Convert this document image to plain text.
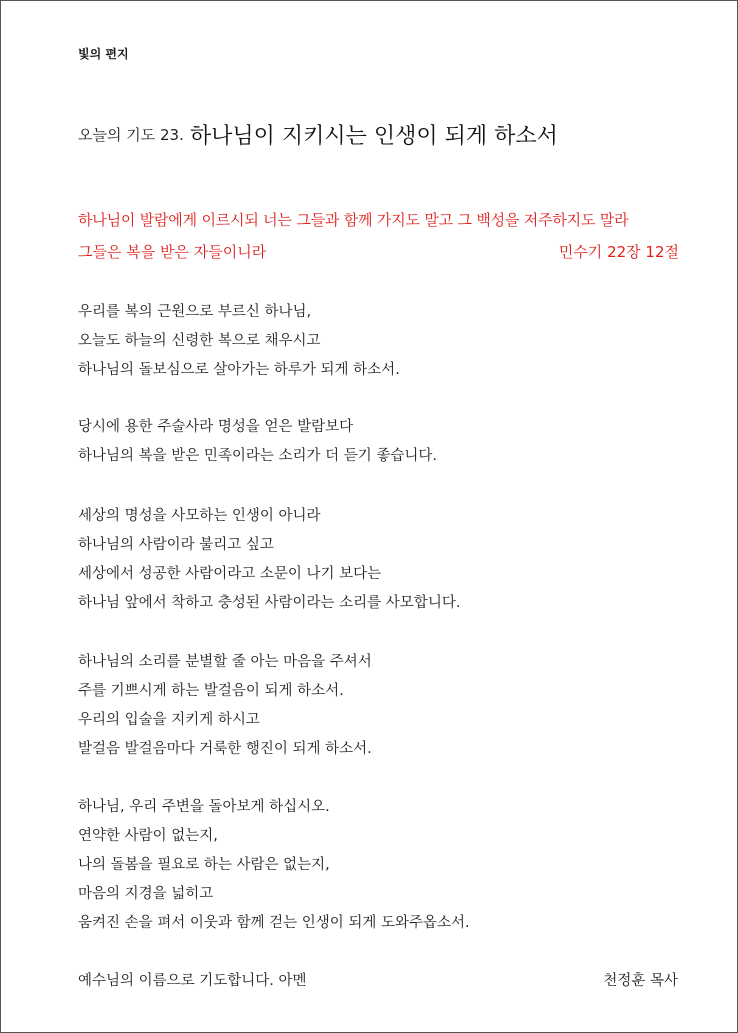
빛의 편지
오늘의 기도 23. 하나님이 지키시는 인생이 되게 하소서
하나님이 발람에게 이르시되 너는 그들과 함께 가지도 말고 그 백성을 저주하지도 말라
그들은 복을 받은 자들이니라	민수기 22장 12절
우리를 복의 근원으로 부르신 하나님,
오늘도 하늘의 신령한 복으로 채우시고
하나님의 돌보심으로 살아가는 하루가 되게 하소서.
당시에 용한 주술사라 명성을 얻은 발람보다
하나님의 복을 받은 민족이라는 소리가 더 듣기 좋습니다.
세상의 명성을 사모하는 인생이 아니라
하나님의 사람이라 불리고 싶고
세상에서 성공한 사람이라고 소문이 나기 보다는
하나님 앞에서 착하고 충성된 사람이라는 소리를 사모합니다.
하나님의 소리를 분별할 줄 아는 마음을 주셔서
주를 기쁘시게 하는 발걸음이 되게 하소서.
우리의 입술을 지키게 하시고
발걸음 발걸음마다 거룩한 행진이 되게 하소서.
하나님, 우리 주변을 돌아보게 하십시오.
연약한 사람이 없는지,
나의 돌봄을 필요로 하는 사람은 없는지,
마음의 지경을 넓히고
움켜진 손을 펴서 이웃과 함께 걷는 인생이 되게 도와주옵소서.
예수님의 이름으로 기도합니다. 아멘	천정훈 목사
